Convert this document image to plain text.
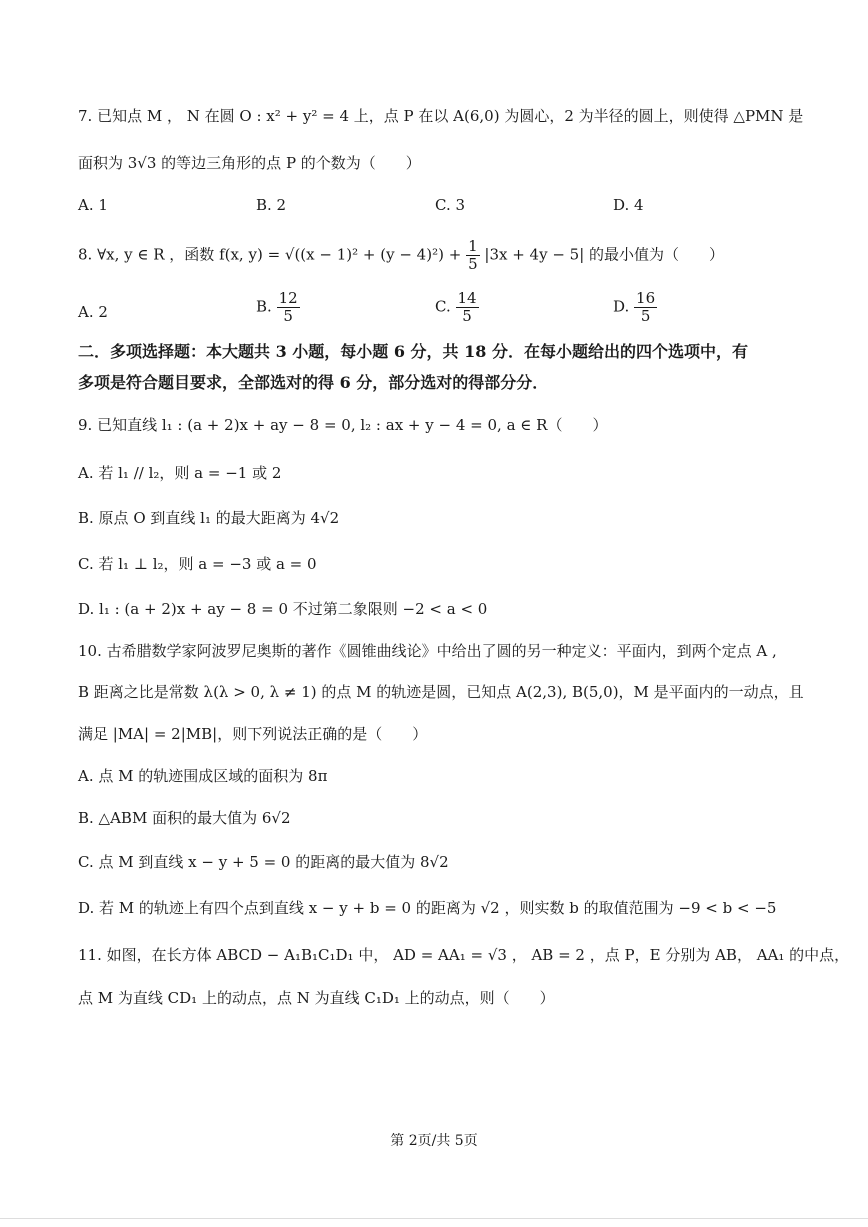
7. 已知点 M ， N 在圆 O : x² + y² = 4 上，点 P 在以 A(6,0) 为圆心，2 为半径的圆上，则使得 △PMN 是
面积为 3√3 的等边三角形的点 P 的个数为（　　）
A. 1	B. 2	C. 3	D. 4
8. ∀x, y ∈ R ，函数 f(x, $y) = √((x - 1)^2 + (y - 4)^2) + \frac{1}{5} |3x + 4y - 5|$ 的最小值为（　　）
A. 2	B. $\frac{12}{5}$	C. $\frac{14}{5}$	D. $\frac{16}{5}$
二．多项选择题：本大题共 3 小题，每小题 6 分，共 18 分．在每小题给出的四个选项中，有
多项是符合题目要求，全部选对的得 6 分，部分选对的得部分分．
9. 已知直线 l₁ : (a + 2)x + ay − 8 = 0, l₂ : ax + y − 4 = 0, a ∈ R（　　）
A. 若 l₁ // l₂，则 a = −1 或 2
B. 原点 O 到直线 l₁ 的最大距离为 4√2
C. 若 l₁ ⊥ l₂，则 a = −3 或 a = 0
D. l₁ : (a + 2)x + ay − 8 = 0 不过第二象限则 −2 < a < 0
10. 古希腊数学家阿波罗尼奥斯的著作《圆锥曲线论》中给出了圆的另一种定义：平面内，到两个定点 A ,
B 距离之比是常数 λ(λ > 0, λ ≠ 1) 的点 M 的轨迹是圆，已知点 A(2,3), B(5,0)，M 是平面内的一动点，且
满足 |MA| = 2|MB|，则下列说法正确的是（　　）
A. 点 M 的轨迹围成区域的面积为 8π
B. △ABM 面积的最大值为 6√2
C. 点 M 到直线 x − y + 5 = 0 的距离的最大值为 8√2
D. 若 M 的轨迹上有四个点到直线 x − y + b = 0 的距离为 √2 ，则实数 b 的取值范围为 −9 < b < −5
11. 如图，在长方体 ABCD − A₁B₁C₁D₁ 中， AD = AA₁ = √3 ， AB = 2 ，点 P，E 分别为 AB， AA₁ 的中点，
点 M 为直线 CD₁ 上的动点，点 N 为直线 C₁D₁ 上的动点，则（　　）
第 2页/共 5页
